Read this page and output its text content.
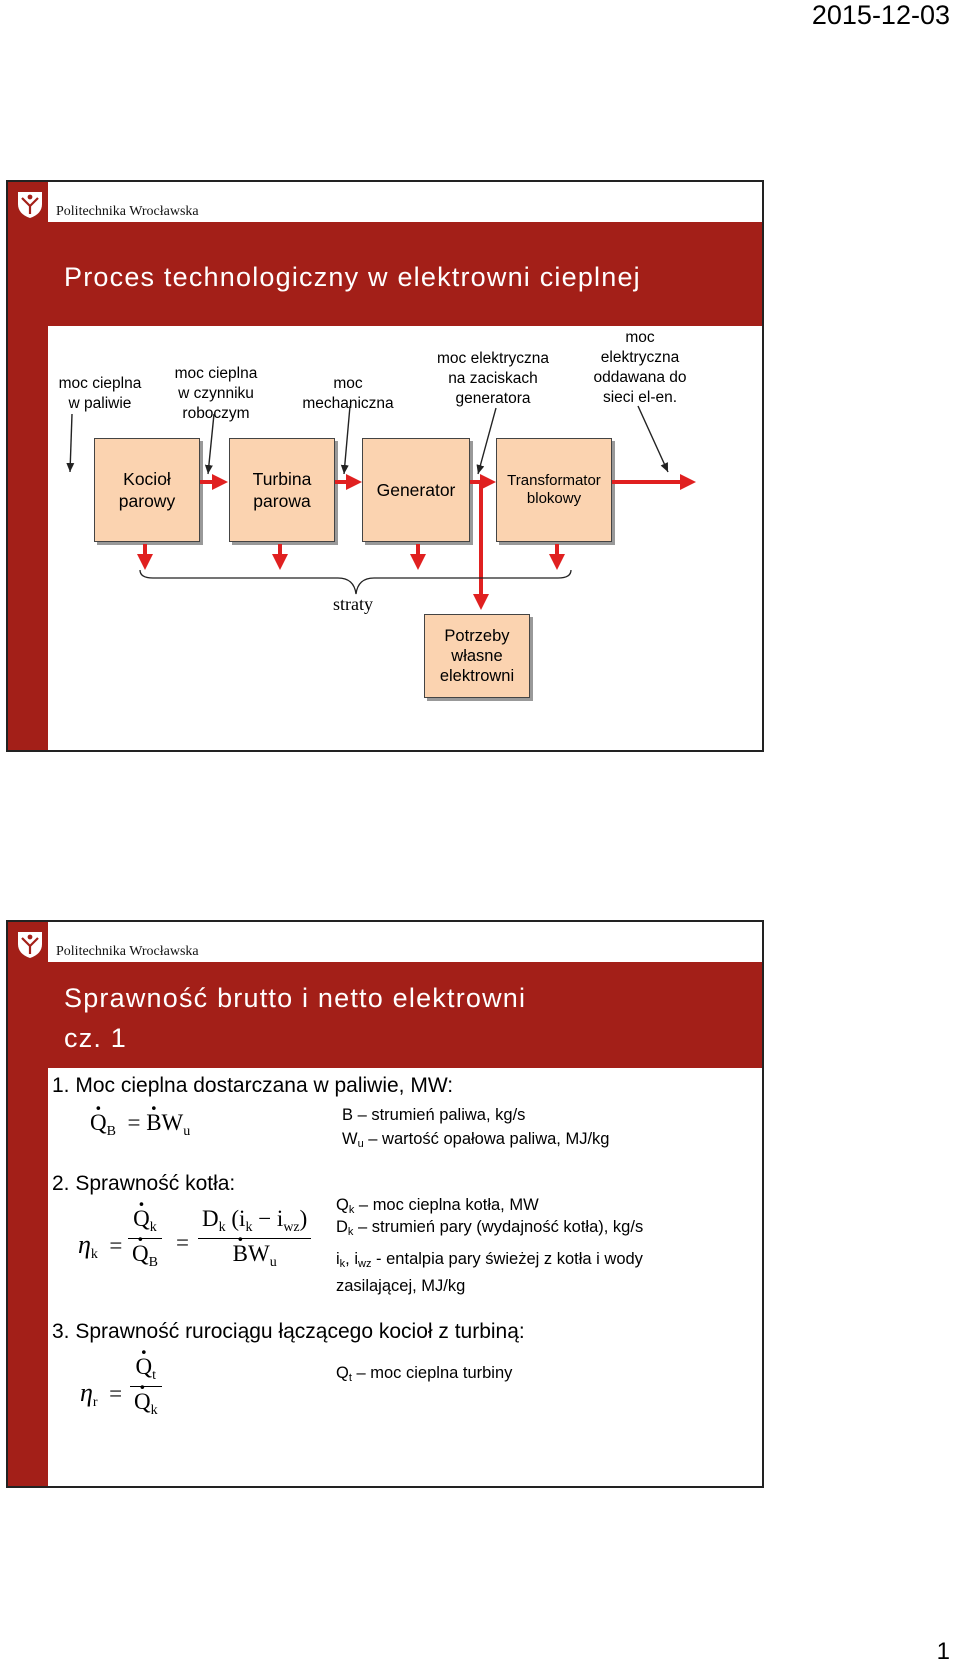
2015-12-03
Politechnika Wrocławska
Proces technologiczny w elektrowni cieplnej
moc cieplna
w paliwie
moc cieplna
w czynniku
roboczym
moc
mechaniczna
moc elektryczna
na zaciskach
generatora
moc
elektryczna
oddawana do
sieci el-en.
Kocioł
parowy
Turbina
parowa
Generator	Transformator
blokowy
Potrzeby
własne
elektrowni
straty
Politechnika Wrocławska
Sprawność brutto i netto elektrowni
cz. 1
1. Moc cieplna dostarczana w paliwie, MW:
· $Q_B$  = · $BW_u$
B – strumień paliwa, kg/s
$W_u$ – wartość opałowa paliwa, MJ/kg
2. Sprawność kotła:
$\eta_k$  = · $Q_k$
· $Q_B$ =
$D_k$ $(i_k - i_{wz})$
· $BW_u$
$Q_k$ – moc cieplna kotła, MW
$D_k$ – strumień pary (wydajność kotła), kg/s
$i_k$, $i_{wz}$ - entalpia pary świeżej z kotła i wody zasilającej, MJ/kg
3. Sprawność rurociągu łączącego kocioł z turbiną:
$\eta_r$  = · $Q_t$
· $Q_k$	$Q_t$ – moc cieplna turbiny
1
